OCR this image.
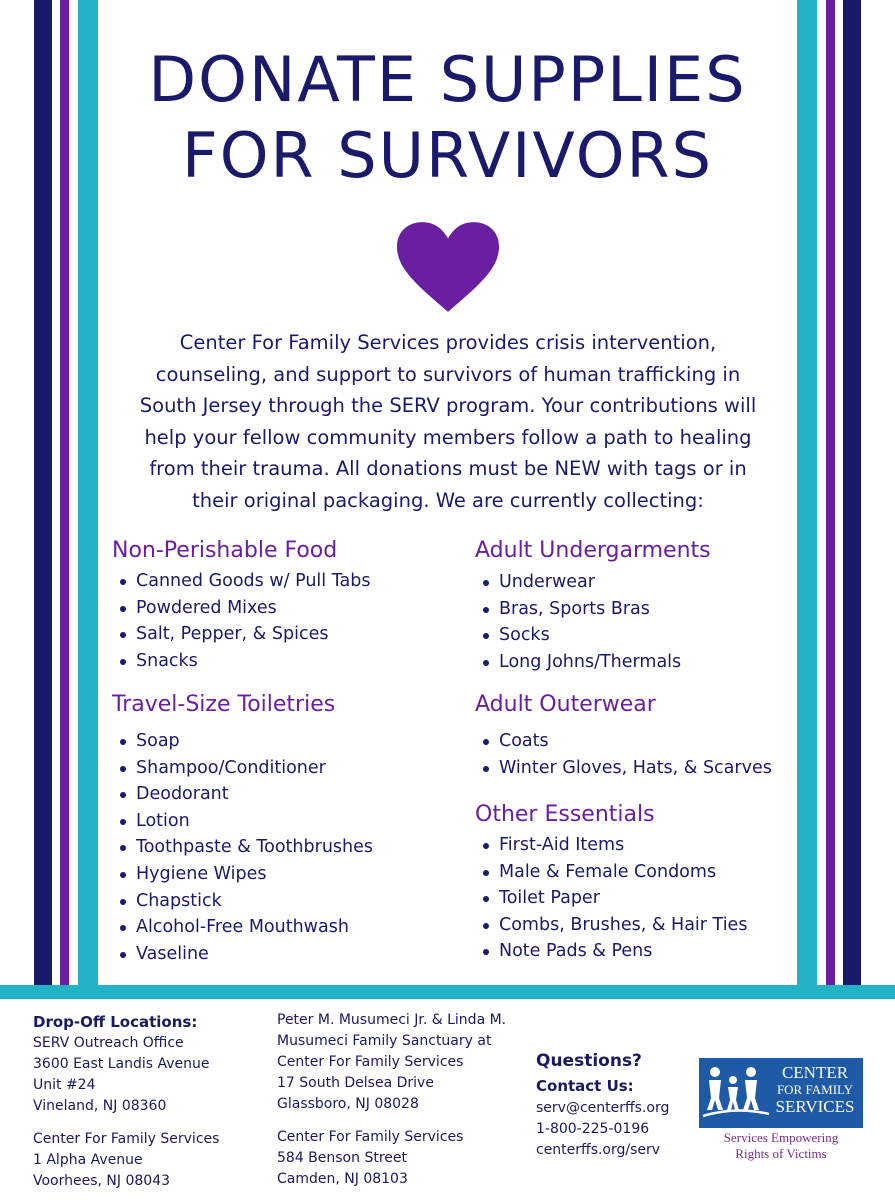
DONATE SUPPLIES
FOR SURVIVORS
Center For Family Services provides crisis intervention,
counseling, and support to survivors of human trafficking in
South Jersey through the SERV program. Your contributions will
help your fellow community members follow a path to healing
from their trauma. All donations must be NEW with tags or in
their original packaging. We are currently collecting:
Non-Perishable Food
Canned Goods w/ Pull Tabs
Powdered Mixes
Salt, Pepper, & Spices
Snacks
Travel-Size Toiletries
Soap
Shampoo/Conditioner
Deodorant
Lotion
Toothpaste & Toothbrushes
Hygiene Wipes
Chapstick
Alcohol-Free Mouthwash
Vaseline
Adult Undergarments
Underwear
Bras, Sports Bras
Socks
Long Johns/Thermals
Adult Outerwear
Coats
Winter Gloves, Hats, & Scarves
Other Essentials
First-Aid Items
Male & Female Condoms
Toilet Paper
Combs, Brushes, & Hair Ties
Note Pads & Pens
Drop-Off Locations:
SERV Outreach Office
3600 East Landis Avenue
Unit #24
Vineland, NJ 08360
Center For Family Services
1 Alpha Avenue
Voorhees, NJ 08043
Peter M. Musumeci Jr. & Linda M.
Musumeci Family Sanctuary at
Center For Family Services
17 South Delsea Drive
Glassboro, NJ 08028
Center For Family Services
584 Benson Street
Camden, NJ 08103
Questions?
Contact Us:
serv@centerffs.org
1-800-225-0196
centerffs.org/serv
CENTER
FOR FAMILY
SERVICES
Services Empowering
Rights of Victims
